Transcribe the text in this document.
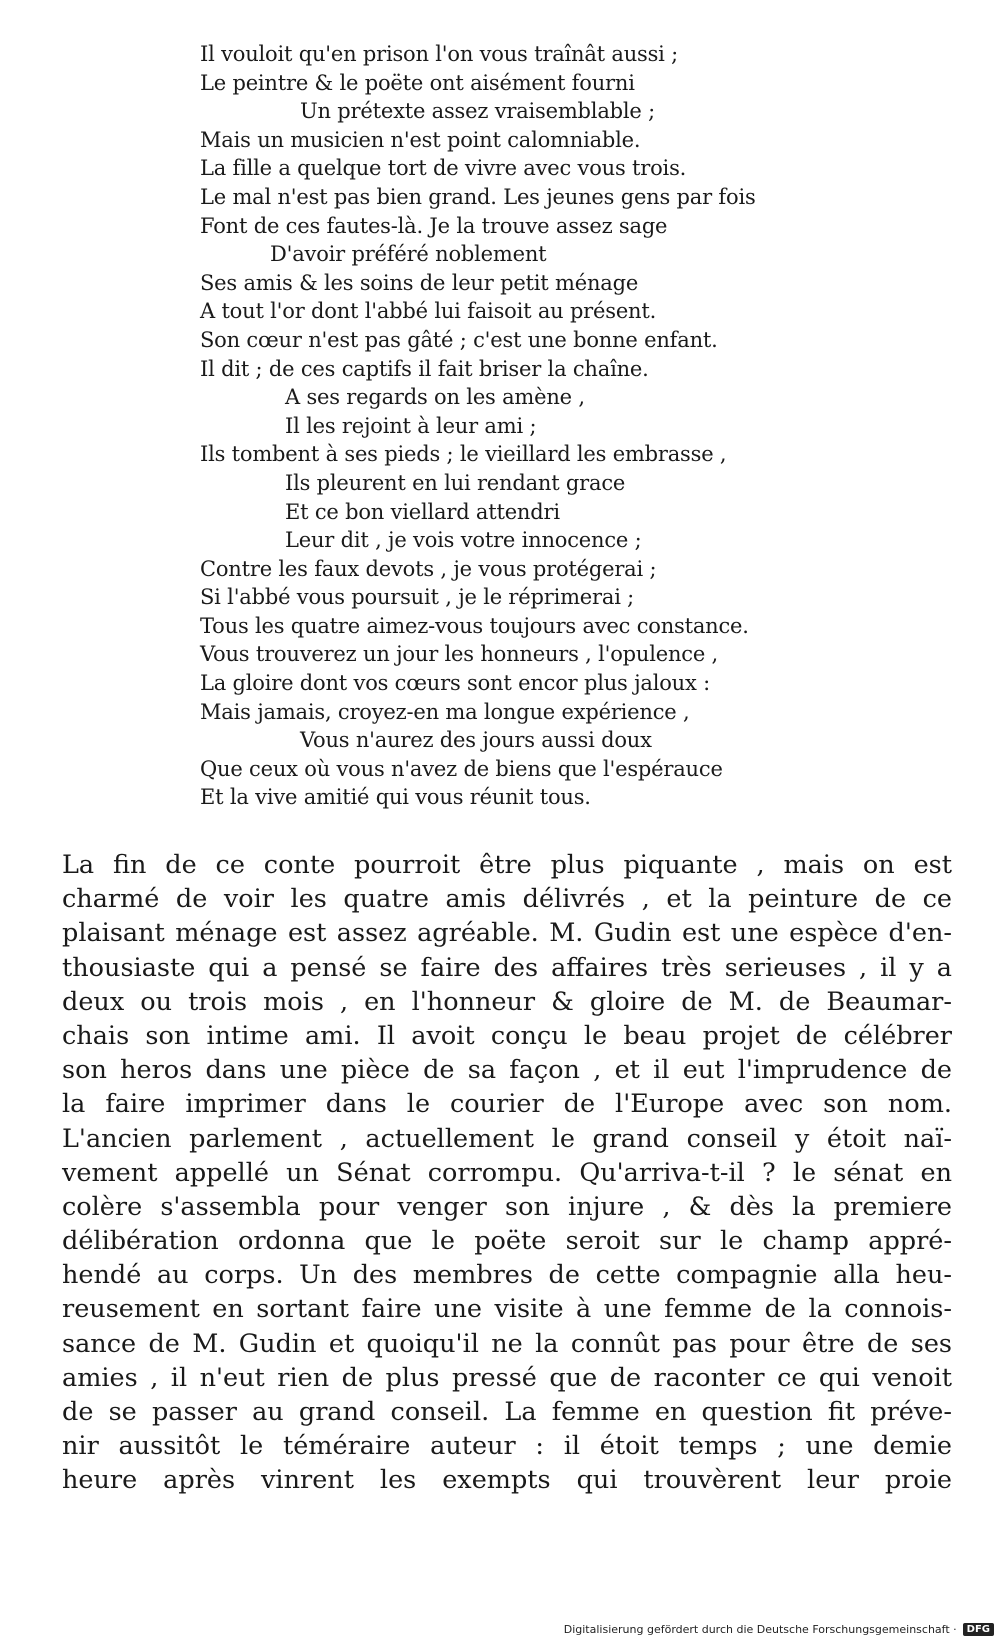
Il vouloit qu'en prison l'on vous traînât aussi ;
Le peintre & le poëte ont aisément fourni
Un prétexte assez vraisemblable ;
Mais un musicien n'est point calomniable.
La fille a quelque tort de vivre avec vous trois.
Le mal n'est pas bien grand. Les jeunes gens par fois
Font de ces fautes-là. Je la trouve assez sage
D'avoir préféré noblement
Ses amis & les soins de leur petit ménage
A tout l'or dont l'abbé lui faisoit au présent.
Son cœur n'est pas gâté ; c'est une bonne enfant.
Il dit ; de ces captifs il fait briser la chaîne.
A ses regards on les amène ,
Il les rejoint à leur ami ;
Ils tombent à ses pieds ; le vieillard les embrasse ,
Ils pleurent en lui rendant grace
Et ce bon viellard attendri
Leur dit , je vois votre innocence ;
Contre les faux devots , je vous protégerai ;
Si l'abbé vous poursuit , je le réprimerai ;
Tous les quatre aimez-vous toujours avec constance.
Vous trouverez un jour les honneurs , l'opulence ,
La gloire dont vos cœurs sont encor plus jaloux :
Mais jamais, croyez-en ma longue expérience ,
Vous n'aurez des jours aussi doux
Que ceux où vous n'avez de biens que l'espérauce
Et la vive amitié qui vous réunit tous.
La fin de ce conte pourroit être plus piquante , mais on est
charmé de voir les quatre amis délivrés , et la peinture de ce
plaisant ménage est assez agréable. M. Gudin est une espèce d'en-
thousiaste qui a pensé se faire des affaires très serieuses , il y a
deux ou trois mois , en l'honneur & gloire de M. de Beaumar-
chais son intime ami. Il avoit conçu le beau projet de célébrer
son heros dans une pièce de sa façon , et il eut l'imprudence de
la faire imprimer dans le courier de l'Europe avec son nom.
L'ancien parlement , actuellement le grand conseil y étoit naï-
vement appellé un Sénat corrompu. Qu'arriva-t-il ? le sénat en
colère s'assembla pour venger son injure , & dès la premiere
délibération ordonna que le poëte seroit sur le champ appré-
hendé au corps. Un des membres de cette compagnie alla heu-
reusement en sortant faire une visite à une femme de la connois-
sance de M. Gudin et quoiqu'il ne la connût pas pour être de ses
amies , il n'eut rien de plus pressé que de raconter ce qui venoit
de se passer au grand conseil. La femme en question fit préve-
nir aussitôt le téméraire auteur : il étoit temps ; une demie
heure après vinrent les exempts qui trouvèrent leur proie
Digitalisierung gefördert durch die Deutsche Forschungsgemeinschaft ·	DFG
